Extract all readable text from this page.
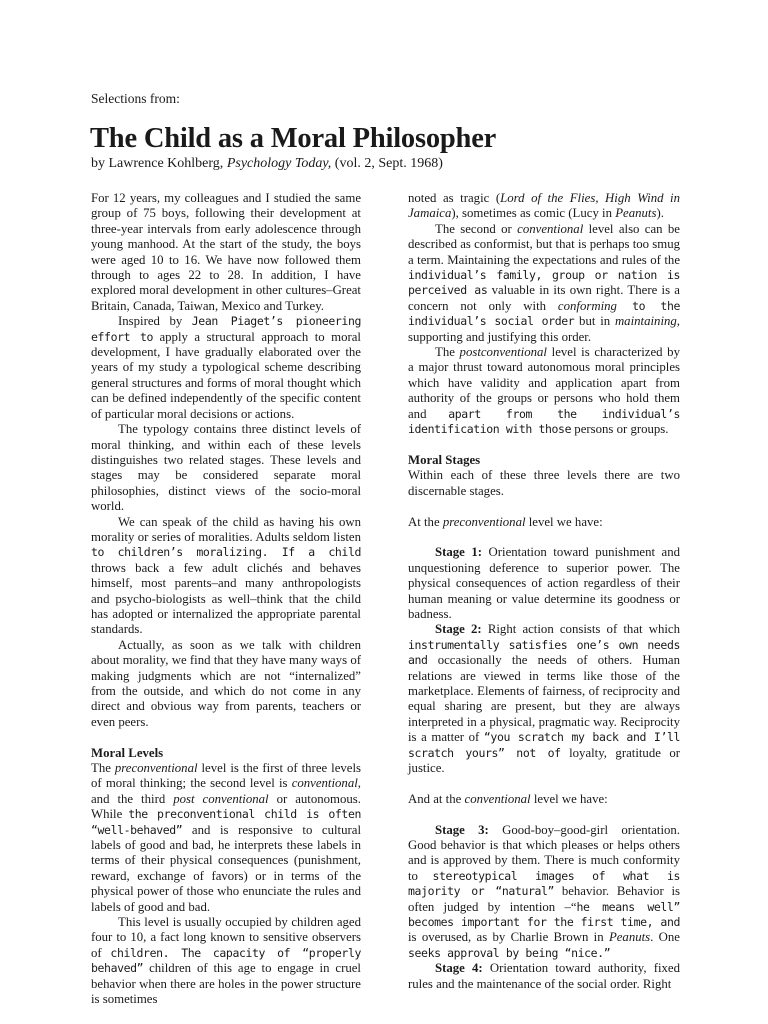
Selections from:

The Child as a Moral Philosopher

by Lawrence Kohlberg, Psychology Today, (vol. 2, Sept. 1968)

For 12 years, my colleagues and I studied the same group of 75 boys, following their development at three-year intervals from early adolescence through young manhood. At the start of the study, the boys were aged 10 to 16. We have now followed them through to ages 22 to 28. In addition, I have explored moral development in other cultures–Great Britain, Canada, Taiwan, Mexico and Turkey.

Inspired by Jean Piaget’s pioneering effort to apply a structural approach to moral development, I have gradually elaborated over the years of my study a typological scheme describing general structures and forms of moral thought which can be defined independently of the specific content of particular moral decisions or actions.

The typology contains three distinct levels of moral thinking, and within each of these levels distinguishes two related stages. These levels and stages may be considered separate moral philosophies, distinct views of the socio-moral world.

We can speak of the child as having his own morality or series of moralities. Adults seldom listen to children’s moralizing. If a child throws back a few adult clichés and behaves himself, most parents–and many anthropologists and psycho-biologists as well–think that the child has adopted or internalized the appropriate parental standards.

Actually, as soon as we talk with children about morality, we find that they have many ways of making judgments which are not “internalized” from the outside, and which do not come in any direct and obvious way from parents, teachers or even peers.

Moral Levels

The preconventional level is the first of three levels of moral thinking; the second level is conventional, and the third post conventional or autonomous. While the preconventional child is often “well-behaved” and is responsive to cultural labels of good and bad, he interprets these labels in terms of their physical consequences (punishment, reward, exchange of favors) or in terms of the physical power of those who enunciate the rules and labels of good and bad.

This level is usually occupied by children aged four to 10, a fact long known to sensitive observers of children. The capacity of “properly behaved” children of this age to engage in cruel behavior when there are holes in the power structure is sometimes

noted as tragic (Lord of the Flies, High Wind in Jamaica), sometimes as comic (Lucy in Peanuts).

The second or conventional level also can be described as conformist, but that is perhaps too smug a term. Maintaining the expectations and rules of the individual’s family, group or nation is perceived as valuable in its own right. There is a concern not only with conforming to the individual’s social order but in maintaining, supporting and justifying this order.

The postconventional level is characterized by a major thrust toward autonomous moral principles which have validity and application apart from authority of the groups or persons who hold them and apart from the individual’s identification with those persons or groups.

Moral Stages

Within each of these three levels there are two discernable stages.

At the preconventional level we have:

Stage 1: Orientation toward punishment and unquestioning deference to superior power. The physical consequences of action regardless of their human meaning or value determine its goodness or badness.

Stage 2: Right action consists of that which instrumentally satisfies one’s own needs and occasionally the needs of others. Human relations are viewed in terms like those of the marketplace. Elements of fairness, of reciprocity and equal sharing are present, but they are always interpreted in a physical, pragmatic way. Reciprocity is a matter of “you scratch my back and I’ll scratch yours” not of loyalty, gratitude or justice.

And at the conventional level we have:

Stage 3: Good-boy–good-girl orientation. Good behavior is that which pleases or helps others and is approved by them. There is much conformity to stereotypical images of what is majority or “natural” behavior. Behavior is often judged by intention –“he means well” becomes important for the first time, and is overused, as by Charlie Brown in Peanuts. One seeks approval by being “nice.”

Stage 4: Orientation toward authority, fixed rules and the maintenance of the social order. Right
